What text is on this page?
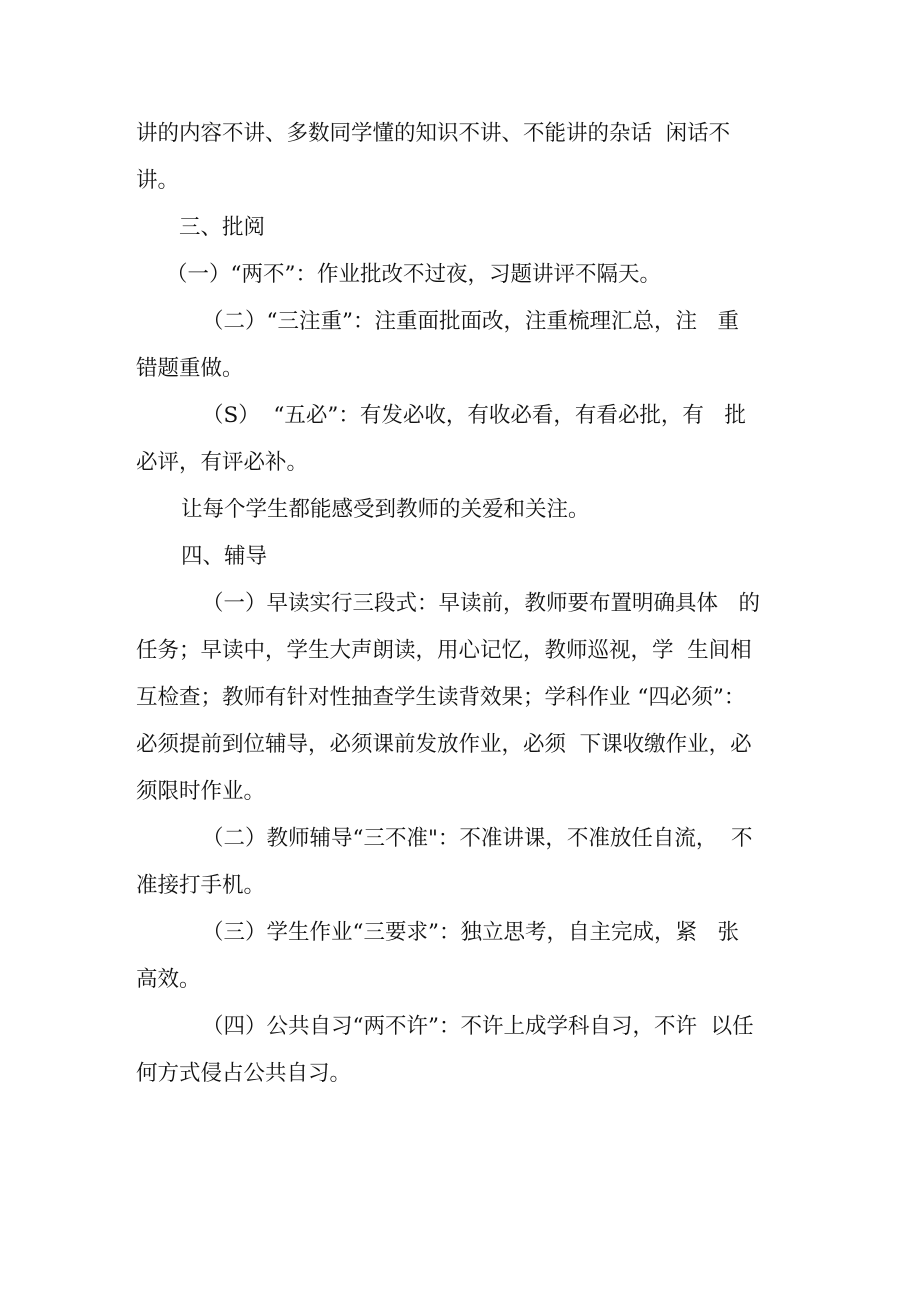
讲的内容不讲、多数同学懂的知识不讲、不能讲的杂话  闲话不
讲。
三、批阅
（一）“两不”：作业批改不过夜，习题讲评不隔天。
（二）“三注重”：注重面批面改，注重梳理汇总，注   重
错题重做。
（S）  “五必”：有发必收，有收必看，有看必批，有   批
必评，有评必补。
让每个学生都能感受到教师的关爱和关注。
四、辅导
（一）早读实行三段式：早读前，教师要布置明确具体   的
任务；早读中，学生大声朗读，用心记忆，教师巡视，学  生间相
互检查；教师有针对性抽查学生读背效果；学科作业 “四必须”：
必须提前到位辅导，必须课前发放作业，必须  下课收缴作业，必
须限时作业。
（二）教师辅导“三不准"：不准讲课，不准放任自流，  不
准接打手机。
（三）学生作业“三要求”：独立思考，自主完成，紧   张
高效。
（四）公共自习“两不许”：不许上成学科自习，不许  以任
何方式侵占公共自习。
